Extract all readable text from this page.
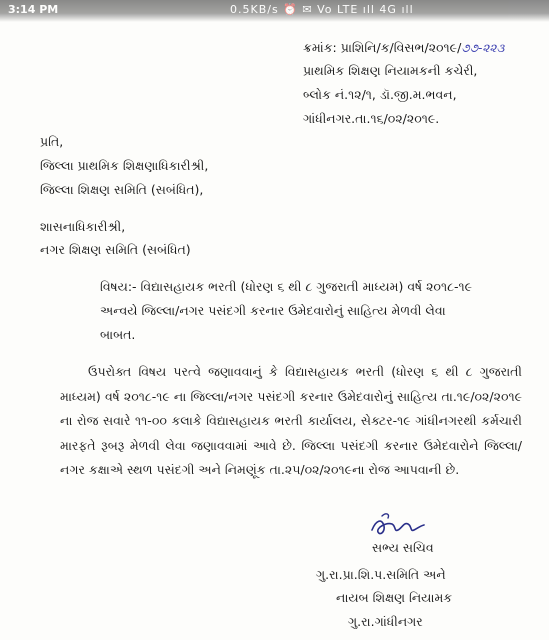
3:14 PM	0.5KB/s ⏰ ✉ Vo LTE ıll 4G ıll
ક્રમાંક: પ્રાશિનિ/ક/વિસભ/૨૦૧૯/૭૭-૨૨૩
પ્રાથમિક શિક્ષણ નિયામકની કચેરી,
બ્લોક નં.૧૨/૧, ડૉ.જી.મ.ભવન,
ગાંધીનગર.તા.૧૬/૦૨/૨૦૧૯.
પ્રતિ,
જિલ્લા પ્રાથમિક શિક્ષણાધિકારીશ્રી,
જિલ્લા શિક્ષણ સમિતિ (સબંધિત),
શાસનાધિકારીશ્રી,
નગર શિક્ષણ સમિતિ (સબંધિત)
વિષય:- વિદ્યાસહાયક ભરતી (ધોરણ ૬ થી ૮ ગુજરાતી માધ્યમ) વર્ષ ૨૦૧૮-૧૯
અન્વયે જિલ્લા/નગર પસંદગી કરનાર ઉમેદવારોનું સાહિત્ય મેળવી લેવા
બાબત.
ઉપરોક્ત વિષય પરત્વે જણાવવાનું કે વિદ્યાસહાયક ભરતી (ધોરણ ૬ થી ૮ ગુજરાતી માધ્યમ) વર્ષ ૨૦૧૮-૧૯ ના જિલ્લા/નગર પસંદગી કરનાર ઉમેદવારોનું સાહિત્ય તા.૧૯/૦૨/૨૦૧૯ ના રોજ સવારે ૧૧-૦૦ કલાકે વિદ્યાસહાયક ભરતી કાર્યાલય, સેક્ટર-૧૯ ગાંધીનગરથી કર્મચારી મારફતે રૂબરૂ મેળવી લેવા જણાવવામાં આવે છે. જિલ્લા પસંદગી કરનાર ઉમેદવારોને જિલ્લા/નગર કક્ષાએ સ્થળ પસંદગી અને નિમણૂંક તા.૨૫/૦૨/૨૦૧૯ના રોજ આપવાની છે.
સભ્ય સચિવ
ગુ.રા.પ્રા.શિ.પ.સમિતિ અને
નાયબ શિક્ષણ નિયામક
ગુ.રા.ગાંધીનગર
